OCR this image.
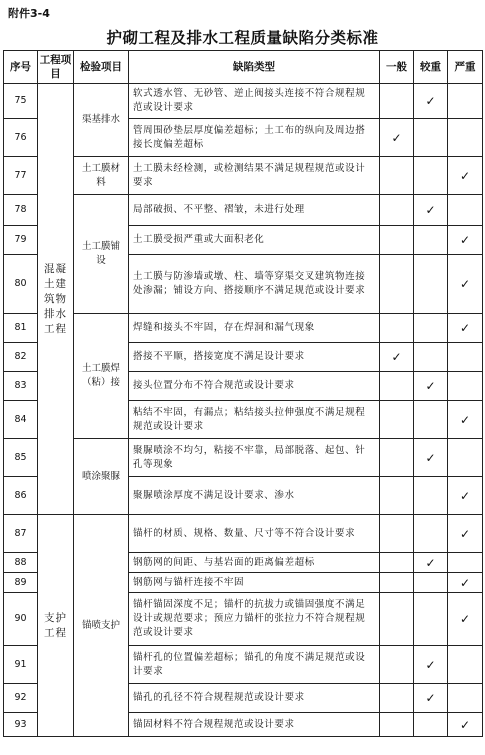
附件3-4
护砌工程及排水工程质量缺陷分类标准
序号	工程项目	检验项目	缺陷类型	一般	较重	严重
75	混凝土建筑物排水工程	渠基排水	软式透水管、无砂管、逆止阀接头连接不符合规程规范或设计要求		✓	
76			管周围砂垫层厚度偏差超标；土工布的纵向及周边搭接长度偏差超标	✓		
77		土工膜材料	土工膜未经检测，或检测结果不满足规程规范或设计要求			✓
78		土工膜铺设	局部破损、不平整、褶皱，未进行处理		✓	
79			土工膜受损严重或大面积老化			✓
80			土工膜与防渗墙或墩、柱、墙等穿渠交叉建筑物连接处渗漏；铺设方向、搭接顺序不满足规范或设计要求			✓
81		土工膜焊（粘）接	焊缝和接头不牢固，存在焊洞和漏气现象			✓
82			搭接不平顺，搭接宽度不满足设计要求	✓		
83			接头位置分布不符合规范或设计要求		✓	
84			粘结不牢固，有漏点；粘结接头拉伸强度不满足规程规范或设计要求			✓
85		喷涂聚脲	聚脲喷涂不均匀，粘接不牢靠，局部脱落、起包、针孔等现象		✓	
86			聚脲喷涂厚度不满足设计要求、渗水			✓
87	支护工程	锚喷支护	锚杆的材质、规格、数量、尺寸等不符合设计要求			✓
88			钢筋网的间距、与基岩面的距离偏差超标		✓	
89			钢筋网与锚杆连接不牢固			✓
90			锚杆锚固深度不足；锚杆的抗拔力或锚固强度不满足设计或规范要求；预应力锚杆的张拉力不符合规程规范或设计要求			✓
91			锚杆孔的位置偏差超标；锚孔的角度不满足规范或设计要求		✓	
92			锚孔的孔径不符合规程规范或设计要求		✓	
93			锚固材料不符合规程规范或设计要求			✓
